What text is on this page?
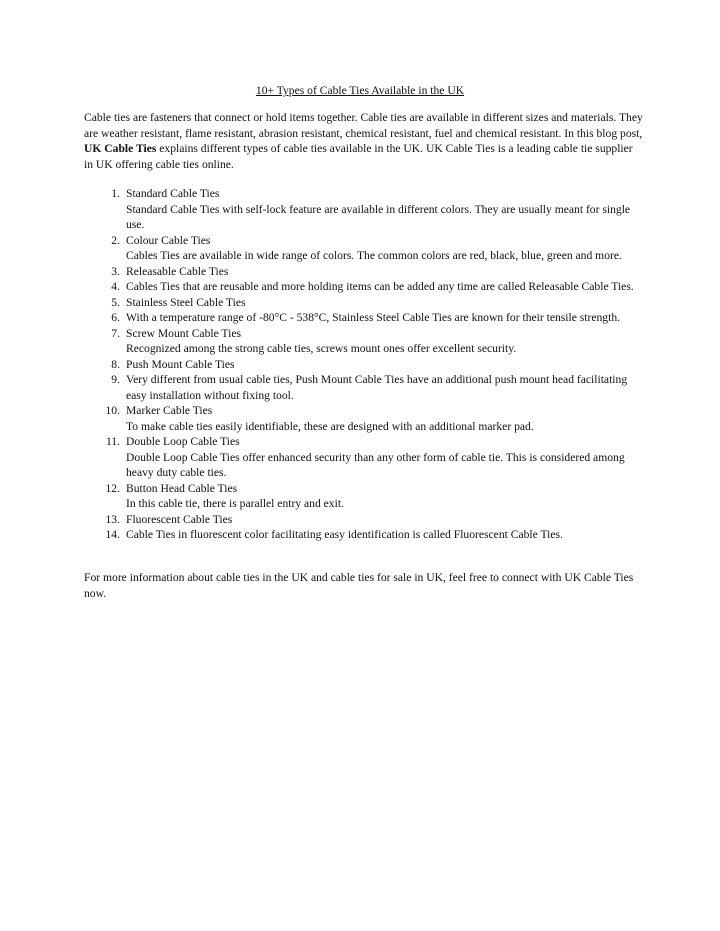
10+ Types of Cable Ties Available in the UK

Cable ties are fasteners that connect or hold items together. Cable ties are available in different sizes and materials. They are weather resistant, flame resistant, abrasion resistant, chemical resistant, fuel and chemical resistant. In this blog post, UK Cable Ties explains different types of cable ties available in the UK. UK Cable Ties is a leading cable tie supplier in UK offering cable ties online.

1. Standard Cable Ties
Standard Cable Ties with self-lock feature are available in different colors. They are usually meant for single use.
2. Colour Cable Ties
Cables Ties are available in wide range of colors. The common colors are red, black, blue, green and more.
3. Releasable Cable Ties
4. Cables Ties that are reusable and more holding items can be added any time are called Releasable Cable Ties.
5. Stainless Steel Cable Ties
6. With a temperature range of -80°C - 538°C, Stainless Steel Cable Ties are known for their tensile strength.
7. Screw Mount Cable Ties
Recognized among the strong cable ties, screws mount ones offer excellent security.
8. Push Mount Cable Ties
9. Very different from usual cable ties, Push Mount Cable Ties have an additional push mount head facilitating easy installation without fixing tool.
10. Marker Cable Ties
To make cable ties easily identifiable, these are designed with an additional marker pad.
11. Double Loop Cable Ties
Double Loop Cable Ties offer enhanced security than any other form of cable tie. This is considered among heavy duty cable ties.
12. Button Head Cable Ties
In this cable tie, there is parallel entry and exit.
13. Fluorescent Cable Ties
14. Cable Ties in fluorescent color facilitating easy identification is called Fluorescent Cable Ties.

For more information about cable ties in the UK and cable ties for sale in UK, feel free to connect with UK Cable Ties now.
